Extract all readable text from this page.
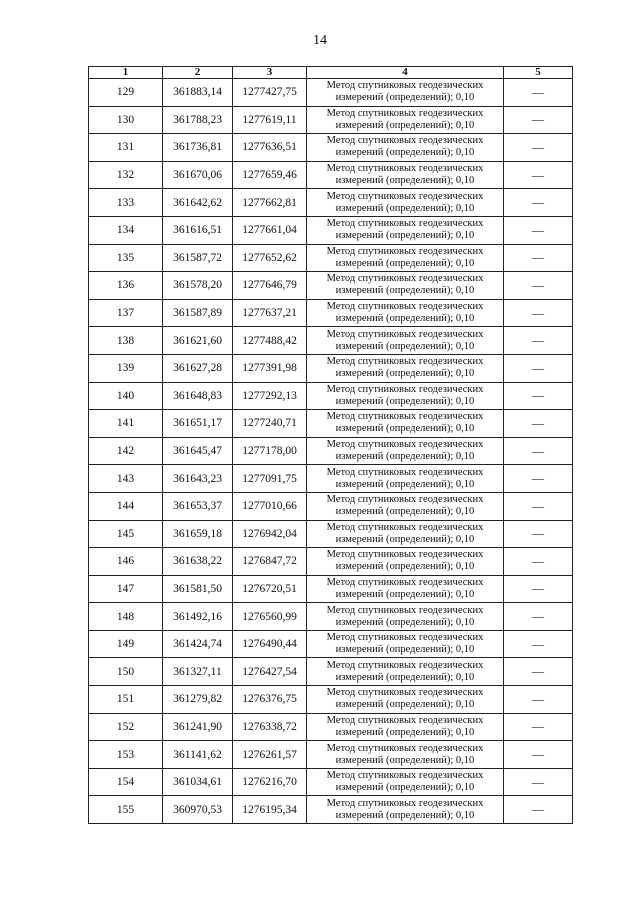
14
1	2	3	4	5
129	361883,14	1277427,75	Метод спутниковых геодезических
измерений (определений); 0,10	—
130	361788,23	1277619,11	Метод спутниковых геодезических
измерений (определений); 0,10	—
131	361736,81	1277636,51	Метод спутниковых геодезических
измерений (определений); 0,10	—
132	361670,06	1277659,46	Метод спутниковых геодезических
измерений (определений); 0,10	—
133	361642,62	1277662,81	Метод спутниковых геодезических
измерений (определений); 0,10	—
134	361616,51	1277661,04	Метод спутниковых геодезических
измерений (определений); 0,10	—
135	361587,72	1277652,62	Метод спутниковых геодезических
измерений (определений); 0,10	—
136	361578,20	1277646,79	Метод спутниковых геодезических
измерений (определений); 0,10	—
137	361587,89	1277637,21	Метод спутниковых геодезических
измерений (определений); 0,10	—
138	361621,60	1277488,42	Метод спутниковых геодезических
измерений (определений); 0,10	—
139	361627,28	1277391,98	Метод спутниковых геодезических
измерений (определений); 0,10	—
140	361648,83	1277292,13	Метод спутниковых геодезических
измерений (определений); 0,10	—
141	361651,17	1277240,71	Метод спутниковых геодезических
измерений (определений); 0,10	—
142	361645,47	1277178,00	Метод спутниковых геодезических
измерений (определений); 0,10	—
143	361643,23	1277091,75	Метод спутниковых геодезических
измерений (определений); 0,10	—
144	361653,37	1277010,66	Метод спутниковых геодезических
измерений (определений); 0,10	—
145	361659,18	1276942,04	Метод спутниковых геодезических
измерений (определений); 0,10	—
146	361638,22	1276847,72	Метод спутниковых геодезических
измерений (определений); 0,10	—
147	361581,50	1276720,51	Метод спутниковых геодезических
измерений (определений); 0,10	—
148	361492,16	1276560,99	Метод спутниковых геодезических
измерений (определений); 0,10	—
149	361424,74	1276490,44	Метод спутниковых геодезических
измерений (определений); 0,10	—
150	361327,11	1276427,54	Метод спутниковых геодезических
измерений (определений); 0,10	—
151	361279,82	1276376,75	Метод спутниковых геодезических
измерений (определений); 0,10	—
152	361241,90	1276338,72	Метод спутниковых геодезических
измерений (определений); 0,10	—
153	361141,62	1276261,57	Метод спутниковых геодезических
измерений (определений); 0,10	—
154	361034,61	1276216,70	Метод спутниковых геодезических
измерений (определений); 0,10	—
155	360970,53	1276195,34	Метод спутниковых геодезических
измерений (определений); 0,10	—
